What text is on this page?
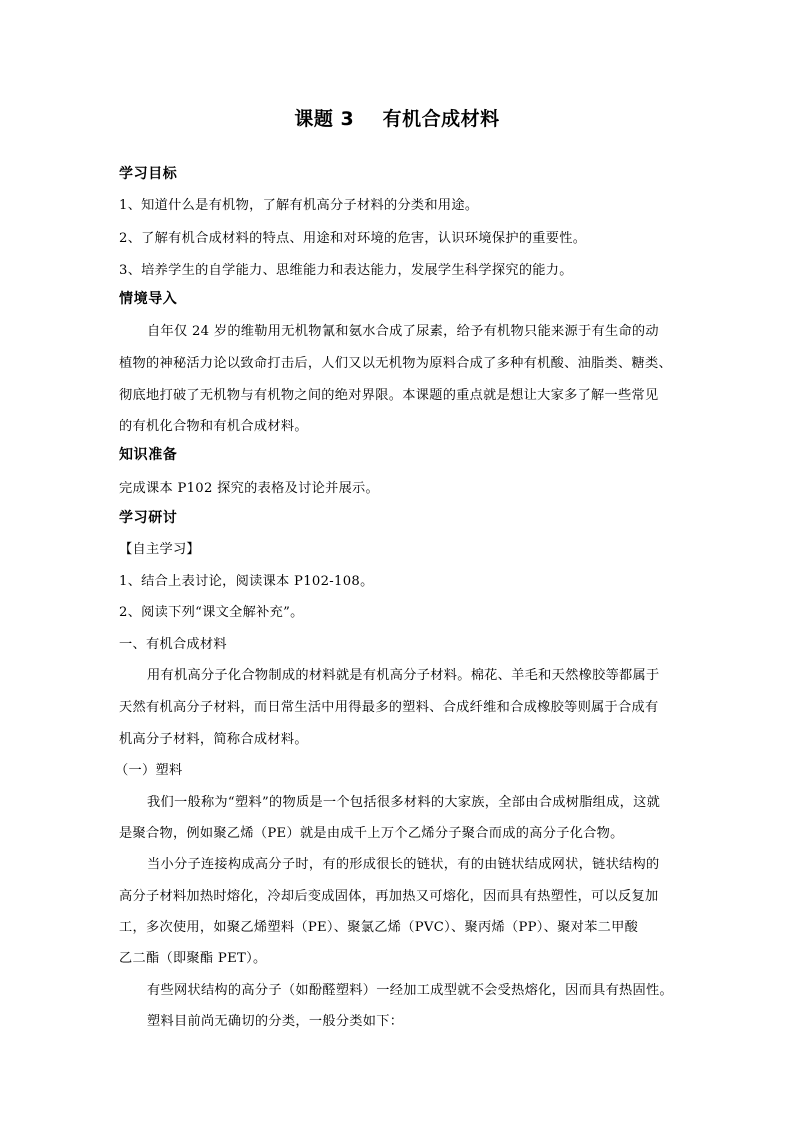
课题 3    有机合成材料
学习目标
1、知道什么是有机物，了解有机高分子材料的分类和用途。
2、了解有机合成材料的特点、用途和对环境的危害，认识环境保护的重要性。
3、培养学生的自学能力、思维能力和表达能力，发展学生科学探究的能力。
情境导入
自年仅 24 岁的维勒用无机物氰和氨水合成了尿素，给予有机物只能来源于有生命的动
植物的神秘活力论以致命打击后，人们又以无机物为原料合成了多种有机酸、油脂类、糖类、
彻底地打破了无机物与有机物之间的绝对界限。本课题的重点就是想让大家多了解一些常见
的有机化合物和有机合成材料。
知识准备
完成课本 P102 探究的表格及讨论并展示。
学习研讨
【自主学习】
1、结合上表讨论，阅读课本 P102-108。
2、阅读下列“课文全解补充”。
一、有机合成材料
用有机高分子化合物制成的材料就是有机高分子材料。棉花、羊毛和天然橡胶等都属于
天然有机高分子材料，而日常生活中用得最多的塑料、合成纤维和合成橡胶等则属于合成有
机高分子材料，简称合成材料。
（一）塑料
我们一般称为“塑料”的物质是一个包括很多材料的大家族，全部由合成树脂组成，这就
是聚合物，例如聚乙烯（PE）就是由成千上万个乙烯分子聚合而成的高分子化合物。
当小分子连接构成高分子时，有的形成很长的链状，有的由链状结成网状，链状结构的
高分子材料加热时熔化，冷却后变成固体，再加热又可熔化，因而具有热塑性，可以反复加
工，多次使用，如聚乙烯塑料（PE）、聚氯乙烯（PVC）、聚丙烯（PP）、聚对苯二甲酸
乙二酯（即聚酯 PET）。
有些网状结构的高分子（如酚醛塑料）一经加工成型就不会受热熔化，因而具有热固性。
塑料目前尚无确切的分类，一般分类如下：
